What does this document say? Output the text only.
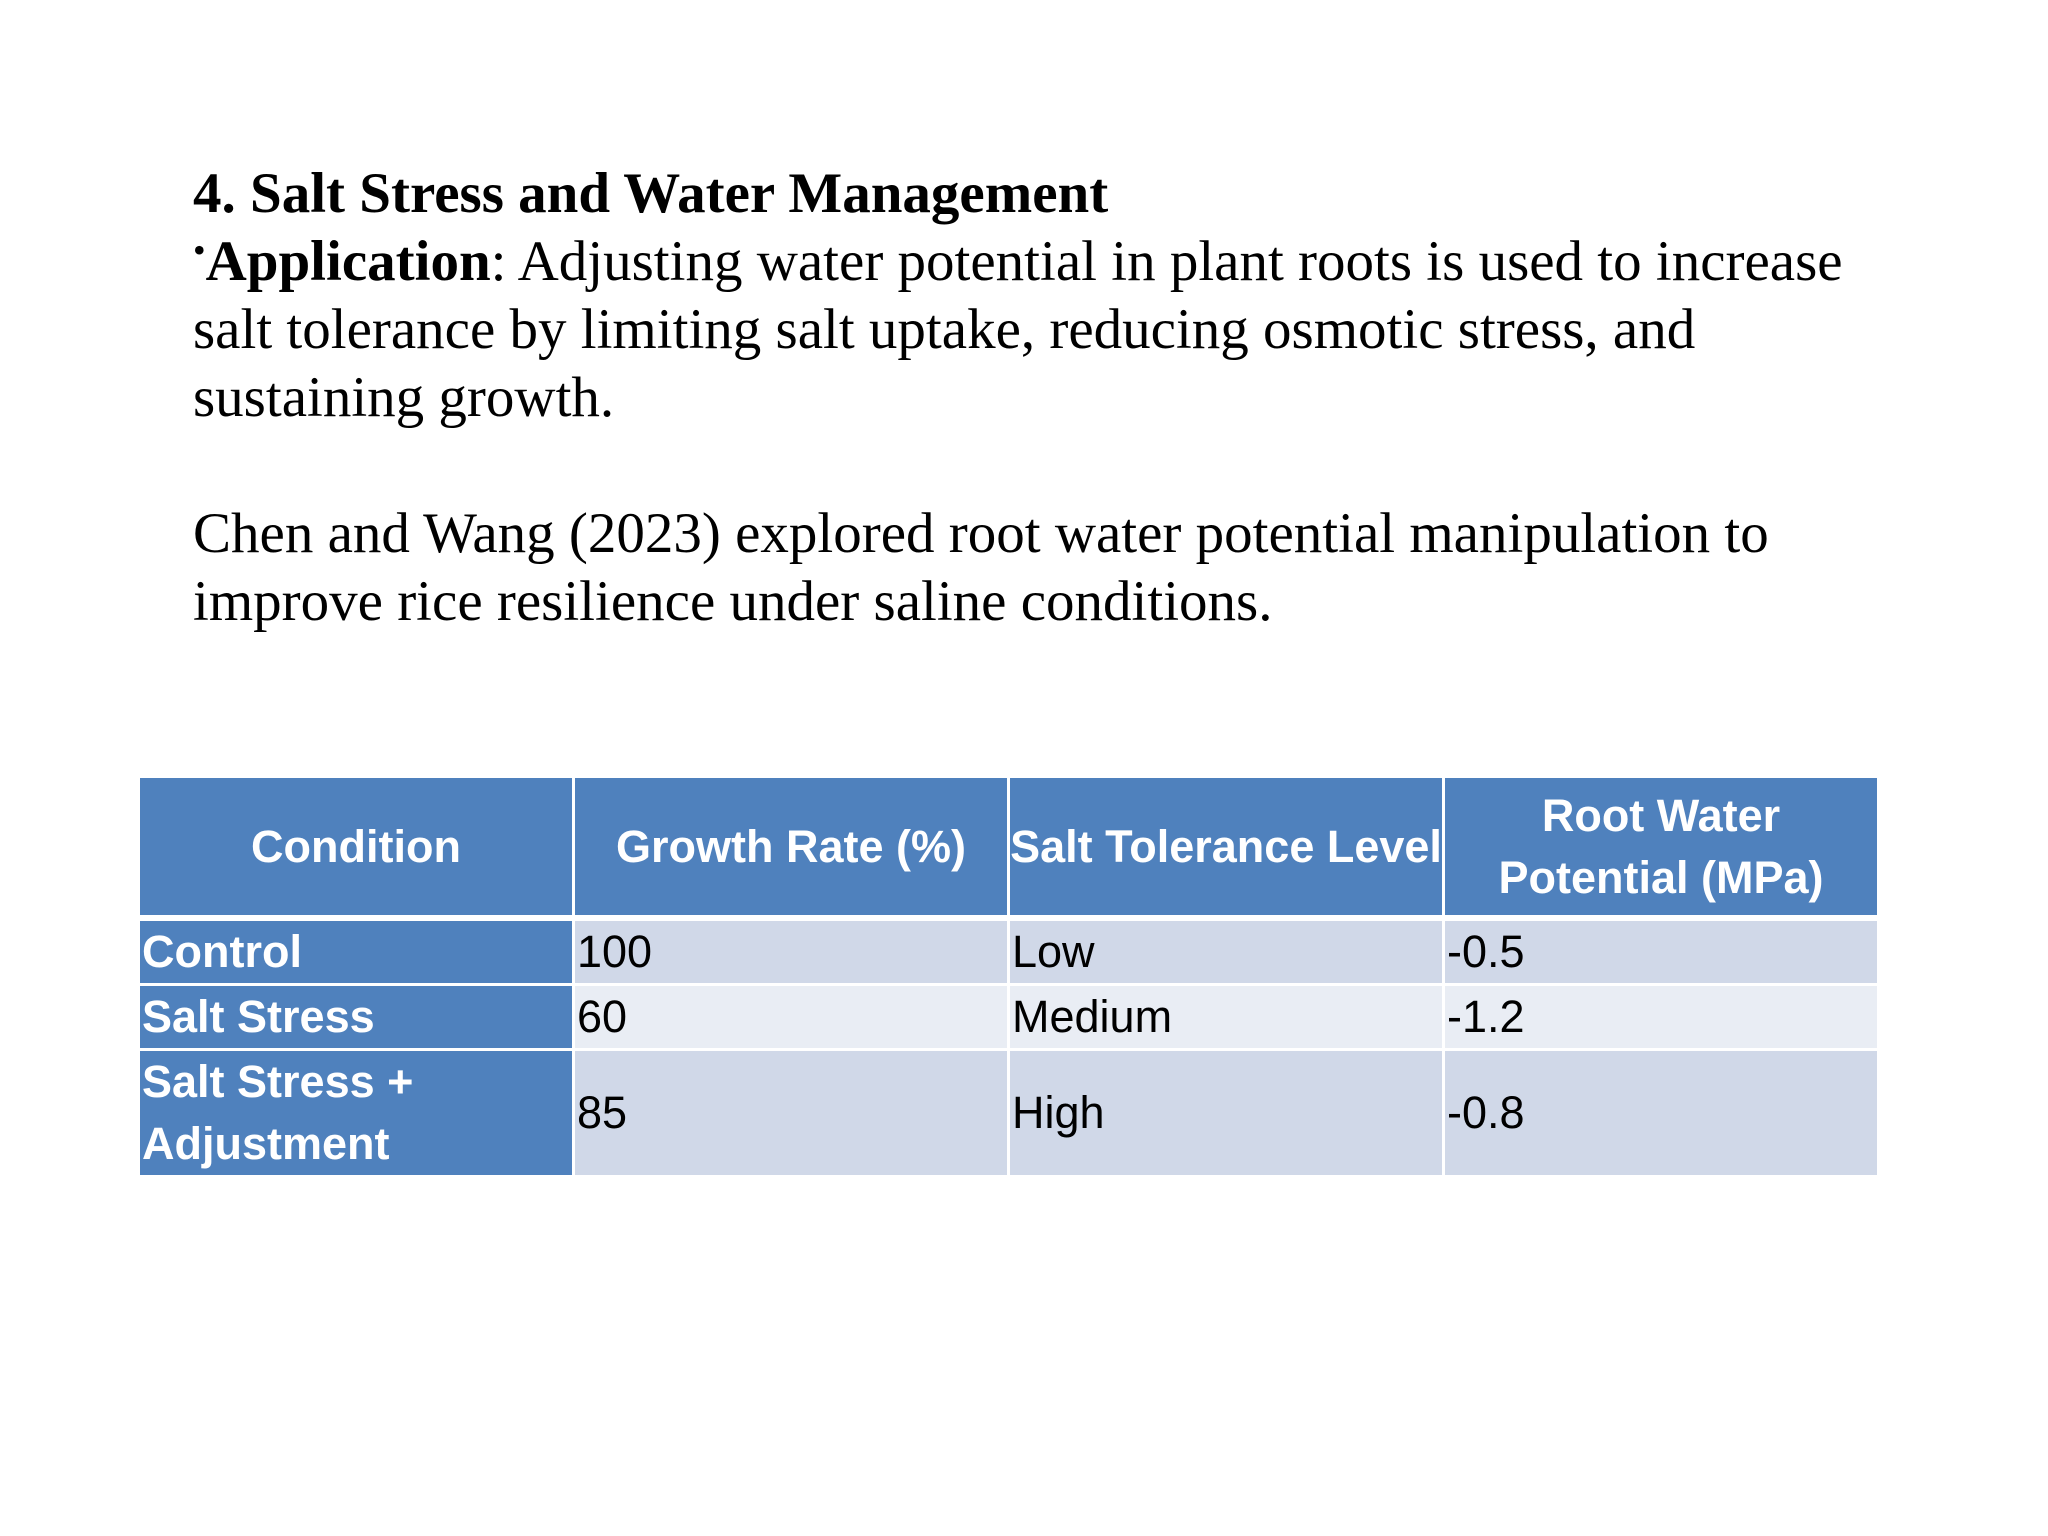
4. Salt Stress and Water Management

•Application: Adjusting water potential in plant roots is used to increase salt tolerance by limiting salt uptake, reducing osmotic stress, and sustaining growth.

Chen and Wang (2023) explored root water potential manipulation to improve rice resilience under saline conditions.

Condition	Growth Rate (%)	Salt Tolerance Level	Root Water Potential (MPa)
Control	100	Low	-0.5
Salt Stress	60	Medium	-1.2
Salt Stress + Adjustment	85	High	-0.8
